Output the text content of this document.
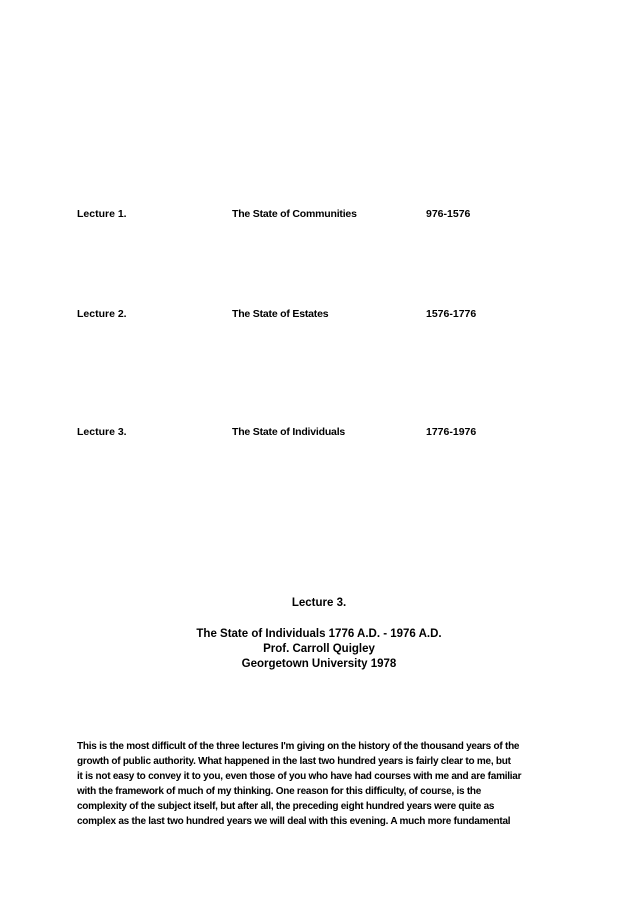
Lecture 1.	The State of Communities	976-1576
Lecture 2.	The State of Estates	1576-1776
Lecture 3.	The State of Individuals	1776-1976
Lecture 3.
The State of Individuals 1776 A.D. - 1976 A.D.
Prof. Carroll Quigley
Georgetown University 1978
This is the most difficult of the three lectures I'm giving on the history of the thousand years of the
growth of public authority. What happened in the last two hundred years is fairly clear to me, but
it is not easy to convey it to you, even those of you who have had courses with me and are familiar
with the framework of much of my thinking. One reason for this difficulty, of course, is the
complexity of the subject itself, but after all, the preceding eight hundred years were quite as
complex as the last two hundred years we will deal with this evening. A much more fundamental
